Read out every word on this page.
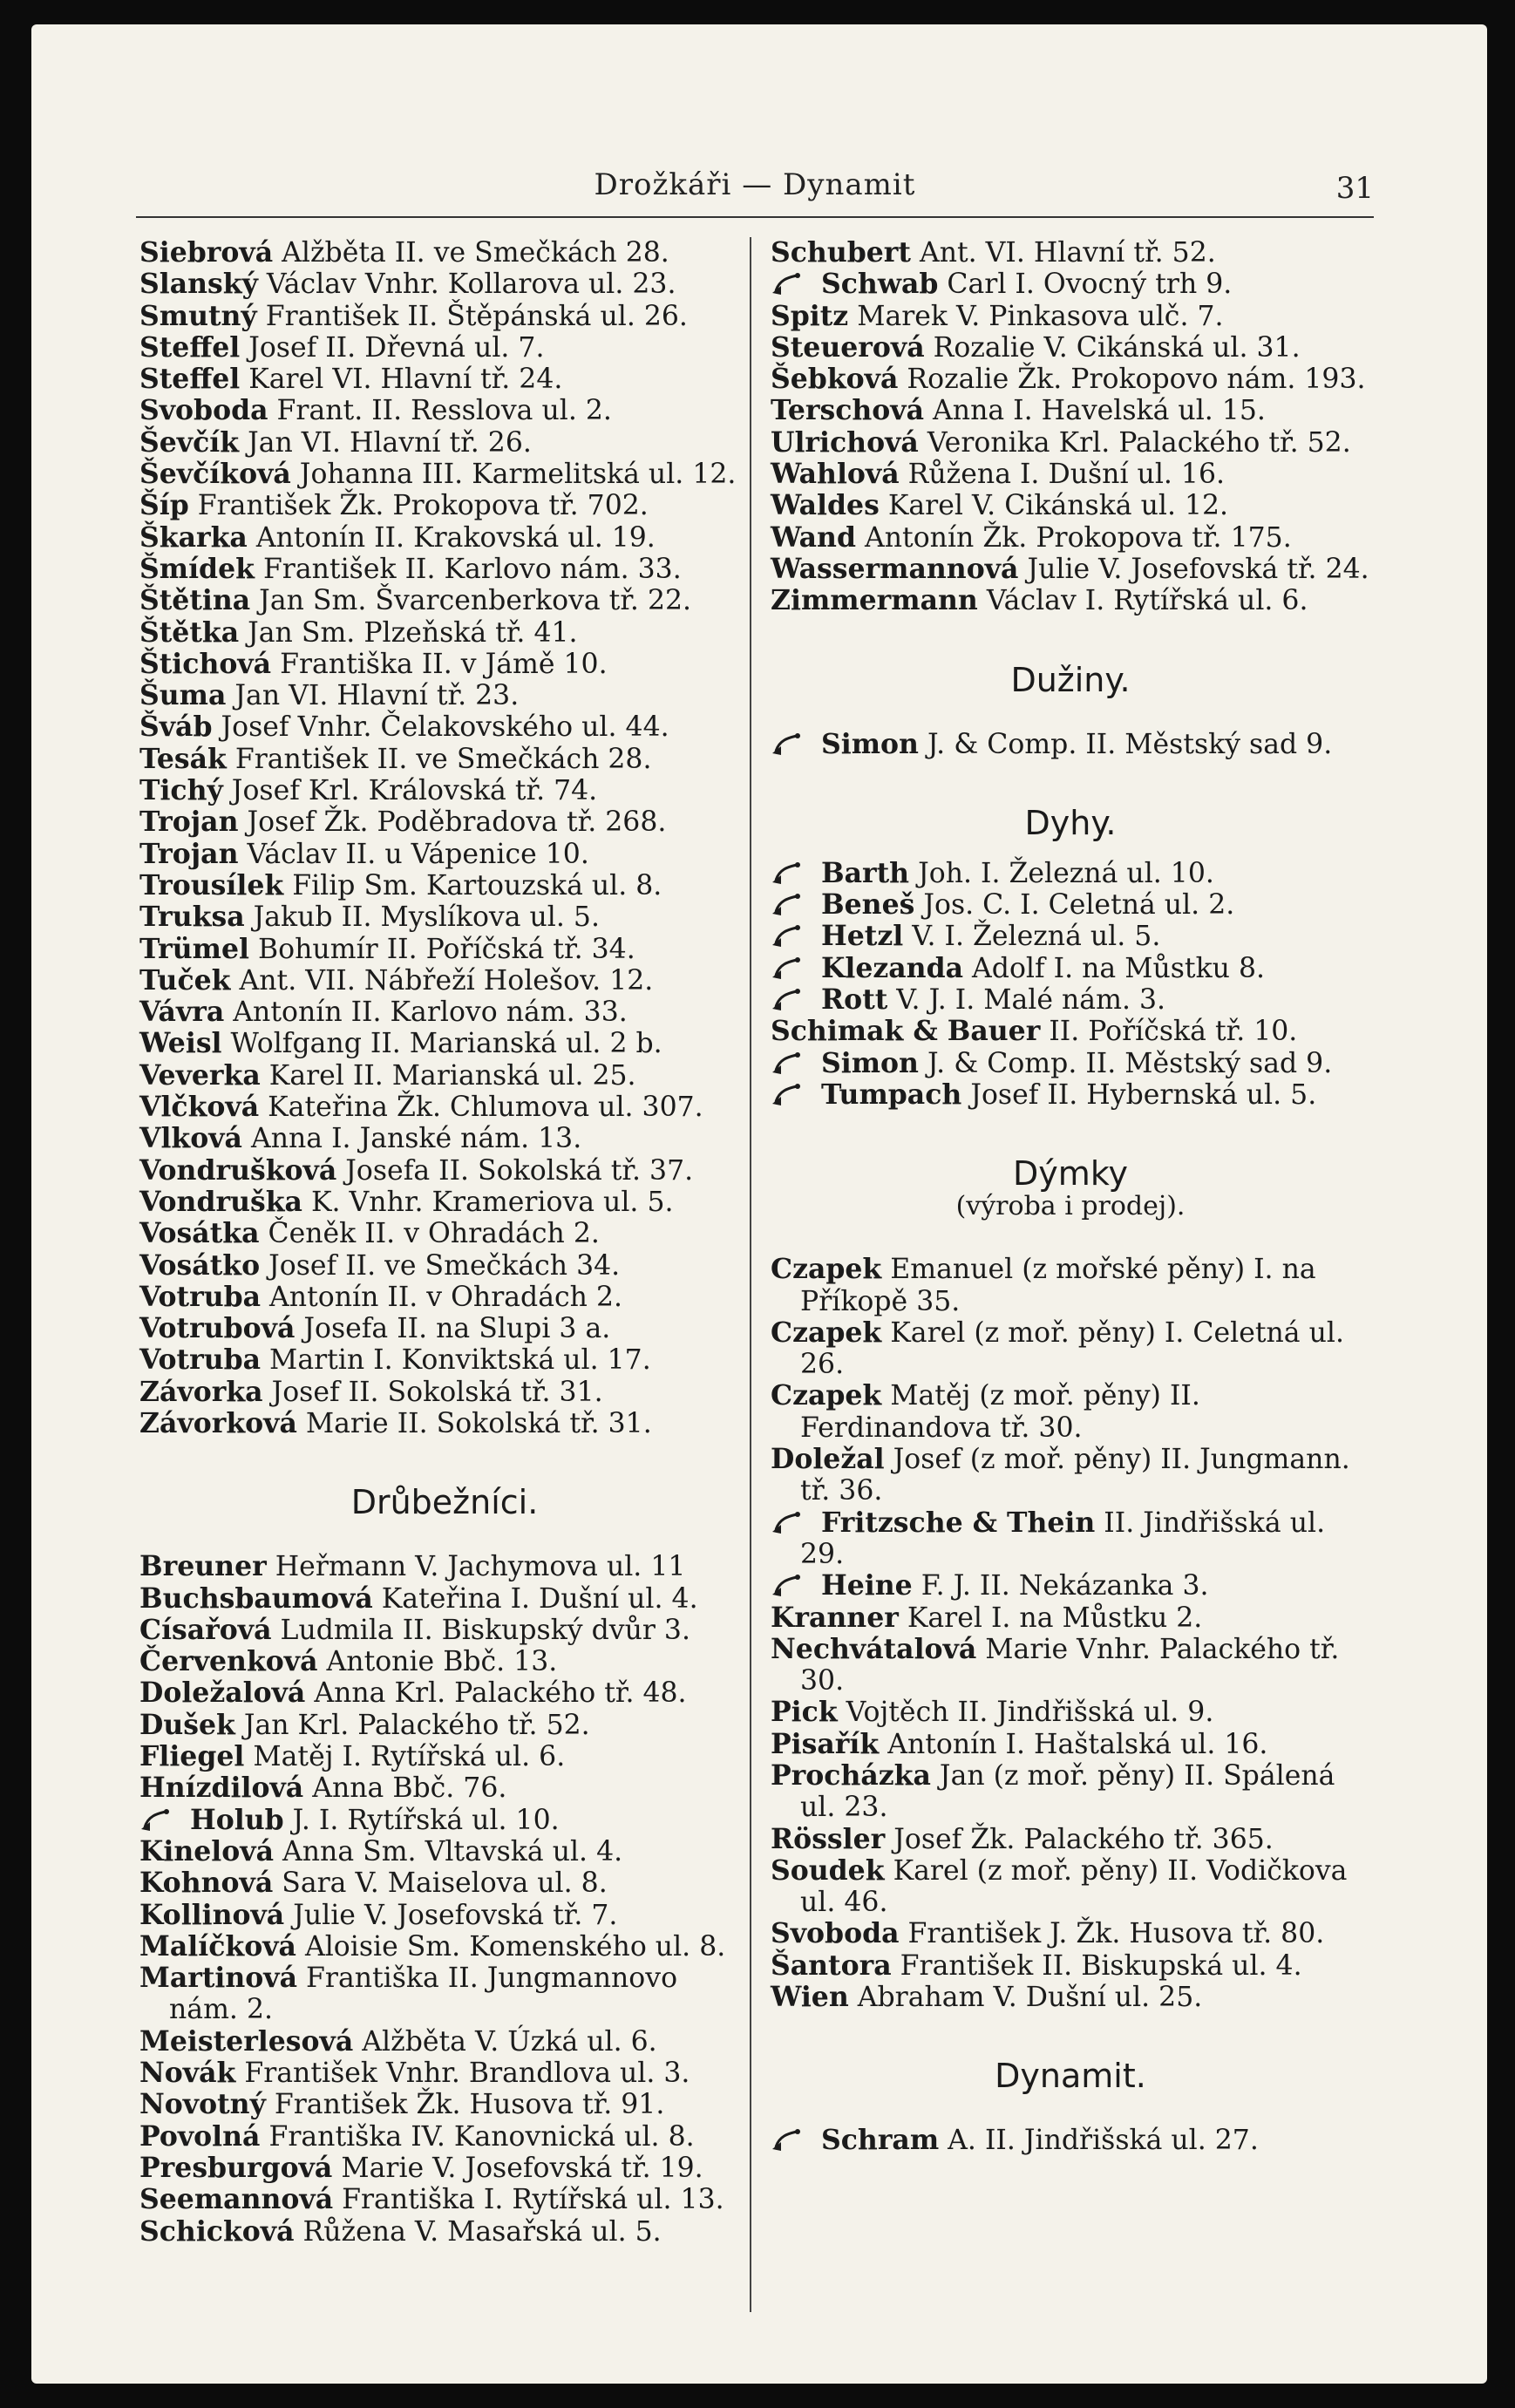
Drožkáři — Dynamit	31
Siebrová Alžběta II. ve Smečkách 28.
Slanský Václav Vnhr. Kollarova ul. 23.
Smutný František II. Štěpánská ul. 26.
Steffel Josef II. Dřevná ul. 7.
Steffel Karel VI. Hlavní tř. 24.
Svoboda Frant. II. Resslova ul. 2.
Ševčík Jan VI. Hlavní tř. 26.
Ševčíková Johanna III. Karmelitská ul. 12.
Šíp František Žk. Prokopova tř. 702.
Škarka Antonín II. Krakovská ul. 19.
Šmídek František II. Karlovo nám. 33.
Štětina Jan Sm. Švarcenberkova tř. 22.
Štětka Jan Sm. Plzeňská tř. 41.
Štichová Františka II. v Jámě 10.
Šuma Jan VI. Hlavní tř. 23.
Šváb Josef Vnhr. Čelakovského ul. 44.
Tesák František II. ve Smečkách 28.
Tichý Josef Krl. Královská tř. 74.
Trojan Josef Žk. Poděbradova tř. 268.
Trojan Václav II. u Vápenice 10.
Trousílek Filip Sm. Kartouzská ul. 8.
Truksa Jakub II. Myslíkova ul. 5.
Trümel Bohumír II. Poříčská tř. 34.
Tuček Ant. VII. Nábřeží Holešov. 12.
Vávra Antonín II. Karlovo nám. 33.
Weisl Wolfgang II. Marianská ul. 2 b.
Veverka Karel II. Marianská ul. 25.
Vlčková Kateřina Žk. Chlumova ul. 307.
Vlková Anna I. Janské nám. 13.
Vondrušková Josefa II. Sokolská tř. 37.
Vondruška K. Vnhr. Krameriova ul. 5.
Vosátka Čeněk II. v Ohradách 2.
Vosátko Josef II. ve Smečkách 34.
Votruba Antonín II. v Ohradách 2.
Votrubová Josefa II. na Slupi 3 a.
Votruba Martin I. Konviktská ul. 17.
Závorka Josef II. Sokolská tř. 31.
Závorková Marie II. Sokolská tř. 31.
Drůbežníci.
Breuner Heřmann V. Jachymova ul. 11
Buchsbaumová Kateřina I. Dušní ul. 4.
Císařová Ludmila II. Biskupský dvůr 3.
Červenková Antonie Bbč. 13.
Doležalová Anna Krl. Palackého tř. 48.
Dušek Jan Krl. Palackého tř. 52.
Fliegel Matěj I. Rytířská ul. 6.
Hnízdilová Anna Bbč. 76.
Holub J. I. Rytířská ul. 10.
Kinelová Anna Sm. Vltavská ul. 4.
Kohnová Sara V. Maiselova ul. 8.
Kollinová Julie V. Josefovská tř. 7.
Malíčková Aloisie Sm. Komenského ul. 8.
Martinová Františka II. Jungmannovo nám. 2.
Meisterlesová Alžběta V. Úzká ul. 6.
Novák František Vnhr. Brandlova ul. 3.
Novotný František Žk. Husova tř. 91.
Povolná Františka IV. Kanovnická ul. 8.
Presburgová Marie V. Josefovská tř. 19.
Seemannová Františka I. Rytířská ul. 13.
Schicková Růžena V. Masařská ul. 5.
Schubert Ant. VI. Hlavní tř. 52.
Schwab Carl I. Ovocný trh 9.
Spitz Marek V. Pinkasova ulč. 7.
Steuerová Rozalie V. Cikánská ul. 31.
Šebková Rozalie Žk. Prokopovo nám. 193.
Terschová Anna I. Havelská ul. 15.
Ulrichová Veronika Krl. Palackého tř. 52.
Wahlová Růžena I. Dušní ul. 16.
Waldes Karel V. Cikánská ul. 12.
Wand Antonín Žk. Prokopova tř. 175.
Wassermannová Julie V. Josefovská tř. 24.
Zimmermann Václav I. Rytířská ul. 6.
Dužiny.
Simon J. & Comp. II. Městský sad 9.
Dyhy.
Barth Joh. I. Železná ul. 10.
Beneš Jos. C. I. Celetná ul. 2.
Hetzl V. I. Železná ul. 5.
Klezanda Adolf I. na Můstku 8.
Rott V. J. I. Malé nám. 3.
Schimak & Bauer II. Poříčská tř. 10.
Simon J. & Comp. II. Městský sad 9.
Tumpach Josef II. Hybernská ul. 5.
Dýmky
(výroba i prodej).
Czapek Emanuel (z mořské pěny) I. na Příkopě 35.
Czapek Karel (z moř. pěny) I. Celetná ul. 26.
Czapek Matěj (z moř. pěny) II. Ferdinandova tř. 30.
Doležal Josef (z moř. pěny) II. Jungmann. tř. 36.
Fritzsche & Thein II. Jindřišská ul. 29.
Heine F. J. II. Nekázanka 3.
Kranner Karel I. na Můstku 2.
Nechvátalová Marie Vnhr. Palackého tř. 30.
Pick Vojtěch II. Jindřišská ul. 9.
Pisařík Antonín I. Haštalská ul. 16.
Procházka Jan (z moř. pěny) II. Spálená ul. 23.
Rössler Josef Žk. Palackého tř. 365.
Soudek Karel (z moř. pěny) II. Vodičkova ul. 46.
Svoboda František J. Žk. Husova tř. 80.
Šantora František II. Biskupská ul. 4.
Wien Abraham V. Dušní ul. 25.
Dynamit.
Schram A. II. Jindřišská ul. 27.
